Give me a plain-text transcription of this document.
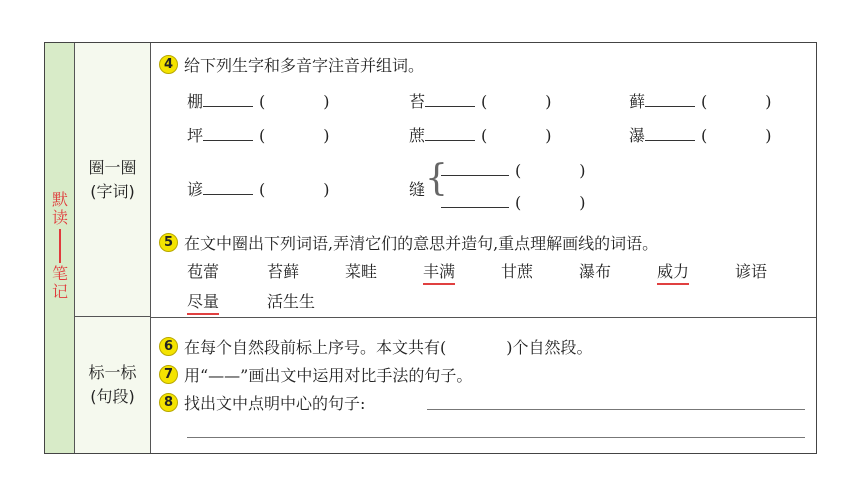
默
读
笔
记
圈一圈
(字词)
标一标
(句段)
4 给下列生字和多音字注音并组词。
棚	(	)	苔	(	)	藓	(	)
坪	(	)	蔗	(	)	瀑	(	)
谚	(	)	缝 {	(	)
(	)
5 在文中圈出下列词语,弄清它们的意思并造句,重点理解画线的词语。
苞蕾	苔藓	菜畦	丰满	甘蔗	瀑布	威力	谚语
尽量	活生生
6 在每个自然段前标上序号。本文共有(	)个自然段。
7 用“——”画出文中运用对比手法的句子。
8 找出文中点明中心的句子:
